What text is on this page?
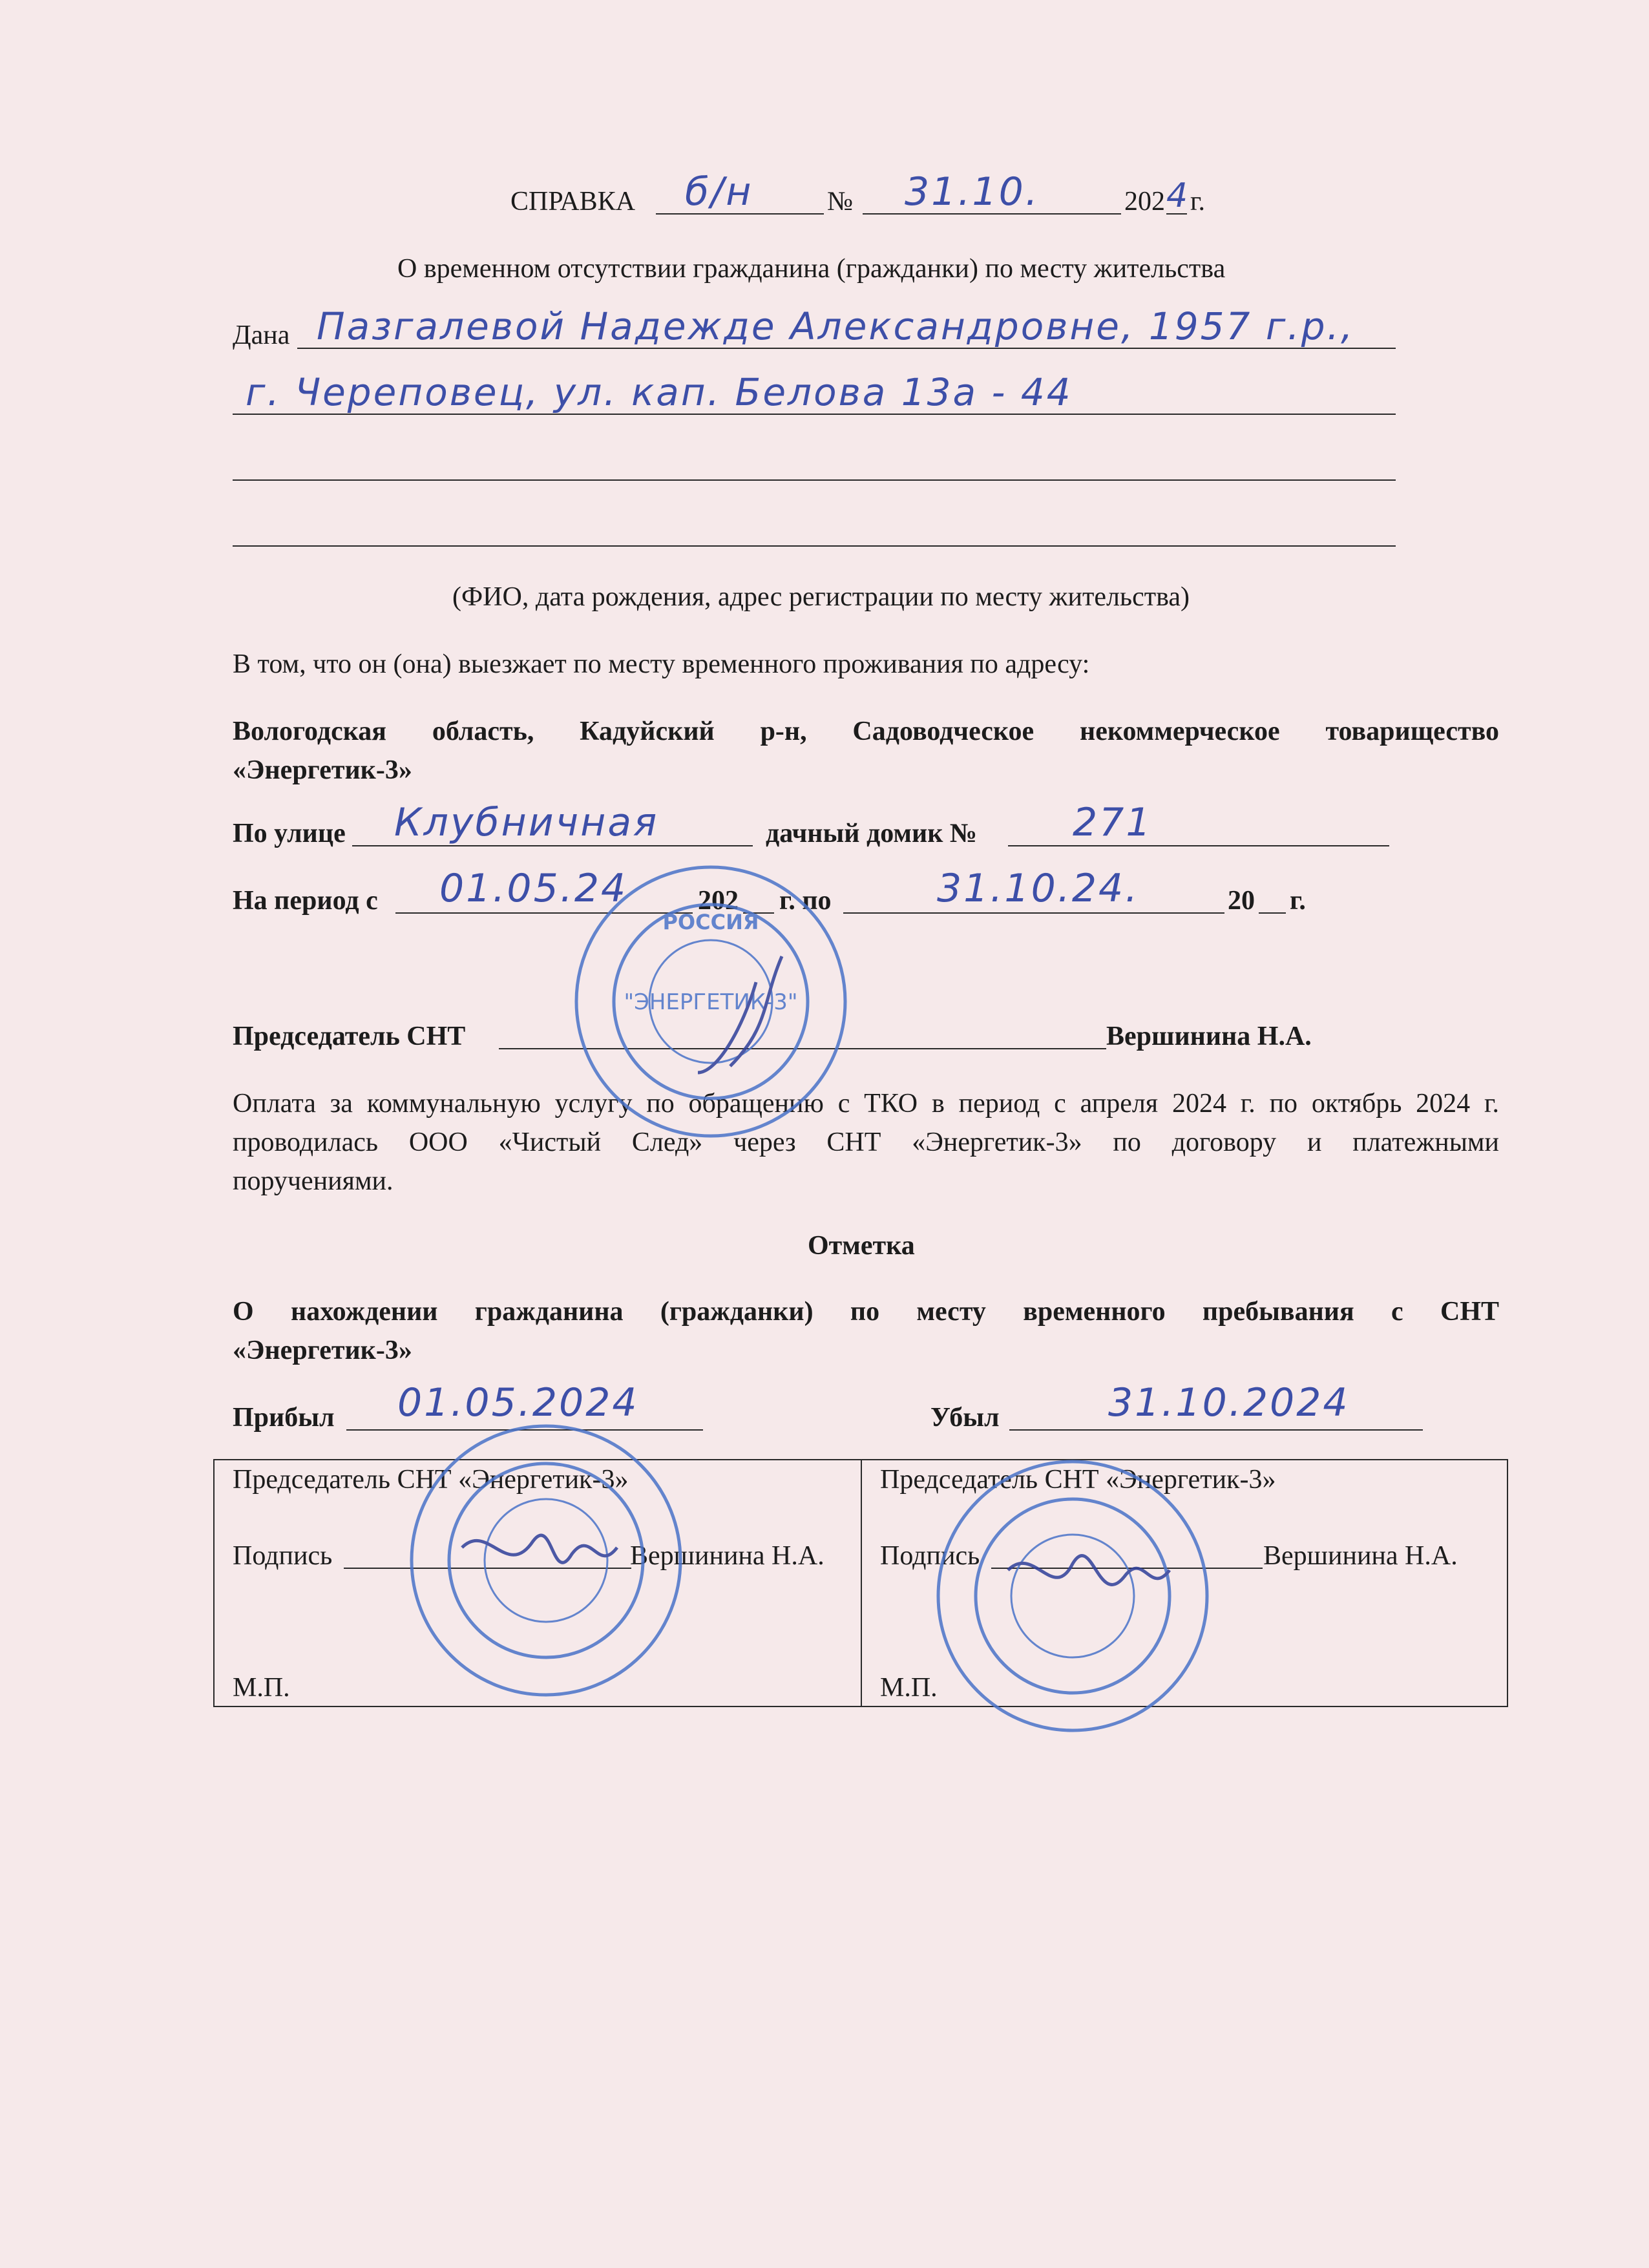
СПРАВКА б/н	№ 31.10.	202 4 г.
О временном отсутствии гражданина (гражданки) по месту жительства
Дана Пазгалевой Надежде Александровне, 1957 г.р.,
г. Череповец, ул. кап. Белова 13а - 44
(ФИО, дата рождения, адрес регистрации по месту жительства)
В том, что он (она) выезжает по месту временного проживания по адресу:
Вологодская область, Кадуйский р-н, Садоводческое некоммерческое товарищество
«Энергетик-3»
По улице Клубничная	дачный домик № 271
На период с 01.05.24	202 г. по	31.10.24.	20 г.
Председатель СНТ	Вершинина Н.А.
Оплата за коммунальную услугу по обращению с ТКО в период с апреля 2024 г. по октябрь 2024 г.
проводилась ООО «Чистый След» через СНТ «Энергетик-3» по договору и платежными
поручениями.
Отметка
О нахождении гражданина (гражданки) по месту временного пребывания с СНТ
«Энергетик-3»
Прибыл 01.05.2024	Убыл	31.10.2024
Председатель СНТ «Энергетик-3»
Подпись	Вершинина Н.А.
М.П.
Председатель СНТ «Энергетик-3»
Подпись	Вершинина Н.А.
М.П.
"ЭНЕРГЕТИК-3"
РОССИЯ
